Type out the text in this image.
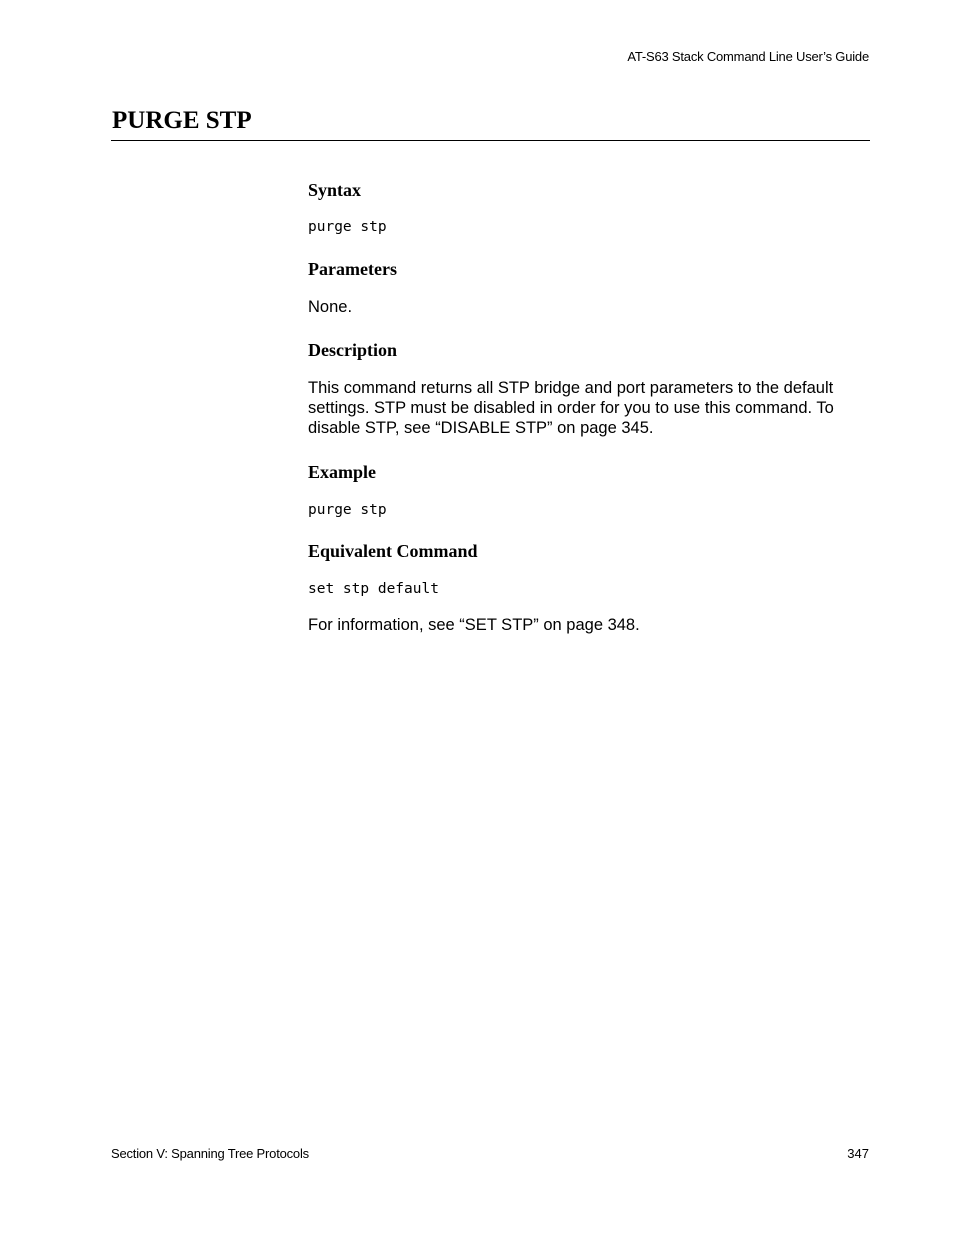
AT-S63 Stack Command Line User’s Guide
PURGE STP
Syntax
purge stp
Parameters

None.

Description

This command returns all STP bridge and port parameters to the default settings. STP must be disabled in order for you to use this command. To disable STP, see “DISABLE STP” on page 345.

Example
purge stp
Equivalent Command
set stp default

For information, see “SET STP” on page 348.

Section V: Spanning Tree Protocols	347
